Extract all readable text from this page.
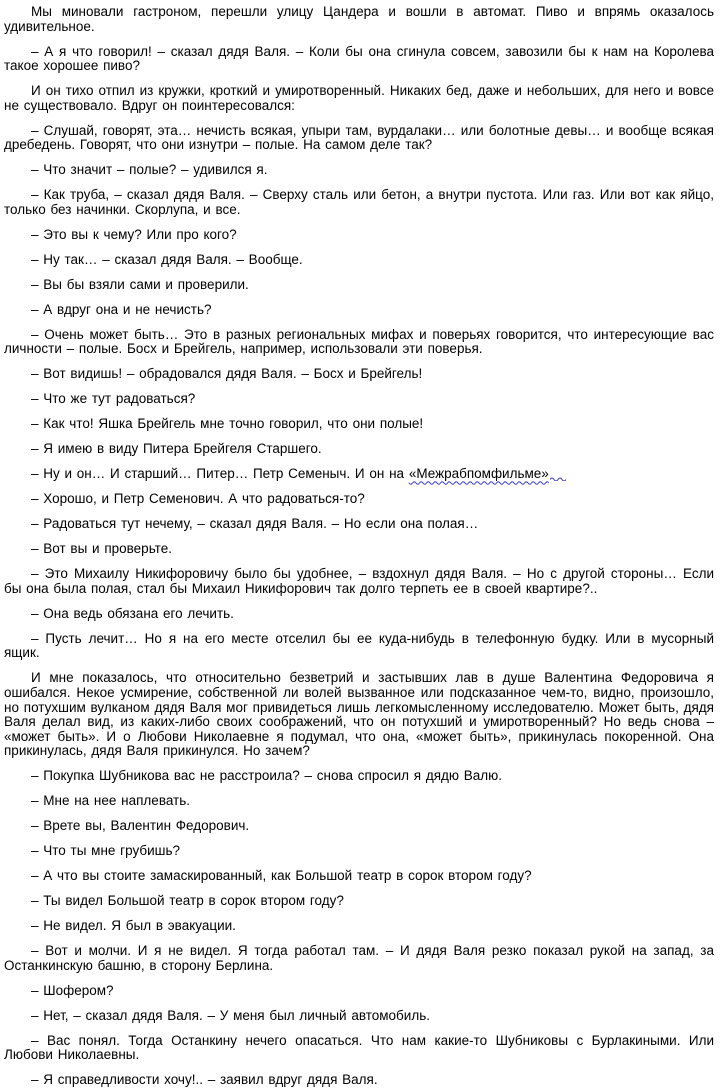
Мы миновали гастроном, перешли улицу Цандера и вошли в автомат. Пиво и впрямь оказалось удивительное.

– А я что говорил! – сказал дядя Валя. – Коли бы она сгинула совсем, завозили бы к нам на Королева такое хорошее пиво?

И он тихо отпил из кружки, кроткий и умиротворенный. Никаких бед, даже и небольших, для него и вовсе не существовало. Вдруг он поинтересовался:

– Слушай, говорят, эта… нечисть всякая, упыри там, вурдалаки… или болотные девы… и вообще всякая дребедень. Говорят, что они изнутри – полые. На самом деле так?

– Что значит – полые? – удивился я.

– Как труба, – сказал дядя Валя. – Сверху сталь или бетон, а внутри пустота. Или газ. Или вот как яйцо, только без начинки. Скорлупа, и все.

– Это вы к чему? Или про кого?

– Ну так… – сказал дядя Валя. – Вообще.

– Вы бы взяли сами и проверили.

– А вдруг она и не нечисть?

– Очень может быть… Это в разных региональных мифах и поверьях говорится, что интересующие вас личности – полые. Босх и Брейгель, например, использовали эти поверья.

– Вот видишь! – обрадовался дядя Валя. – Босх и Брейгель!

– Что же тут радоваться?

– Как что! Яшка Брейгель мне точно говорил, что они полые!

– Я имею в виду Питера Брейгеля Старшего.

– Ну и он… И старший… Питер… Петр Семеныч. И он на «Межрабпомфильме»

– Хорошо, и Петр Семенович. А что радоваться-то?

– Радоваться тут нечему, – сказал дядя Валя. – Но если она полая…

– Вот вы и проверьте.

– Это Михаилу Никифоровичу было бы удобнее, – вздохнул дядя Валя. – Но с другой стороны… Если бы она была полая, стал бы Михаил Никифорович так долго терпеть ее в своей квартире?..

– Она ведь обязана его лечить.

– Пусть лечит… Но я на его месте отселил бы ее куда-нибудь в телефонную будку. Или в мусорный ящик.

И мне показалось, что относительно безветрий и застывших лав в душе Валентина Федоровича я ошибался. Некое усмирение, собственной ли волей вызванное или подсказанное чем-то, видно, произошло, но потухшим вулканом дядя Валя мог привидеться лишь легкомысленному исследователю. Может быть, дядя Валя делал вид, из каких-либо своих соображений, что он потухший и умиротворенный? Но ведь снова – «может быть». И о Любови Николаевне я подумал, что она, «может быть», прикинулась покоренной. Она прикинулась, дядя Валя прикинулся. Но зачем?

– Покупка Шубникова вас не расстроила? – снова спросил я дядю Валю.

– Мне на нее наплевать.

– Врете вы, Валентин Федорович.

– Что ты мне грубишь?

– А что вы стоите замаскированный, как Большой театр в сорок втором году?

– Ты видел Большой театр в сорок втором году?

– Не видел. Я был в эвакуации.

– Вот и молчи. И я не видел. Я тогда работал там. – И дядя Валя резко показал рукой на запад, за Останкинскую башню, в сторону Берлина.

– Шофером?

– Нет, – сказал дядя Валя. – У меня был личный автомобиль.

– Вас понял. Тогда Останкину нечего опасаться. Что нам какие-то Шубниковы с Бурлакиными. Или Любови Николаевны.

– Я справедливости хочу!.. – заявил вдруг дядя Валя.
